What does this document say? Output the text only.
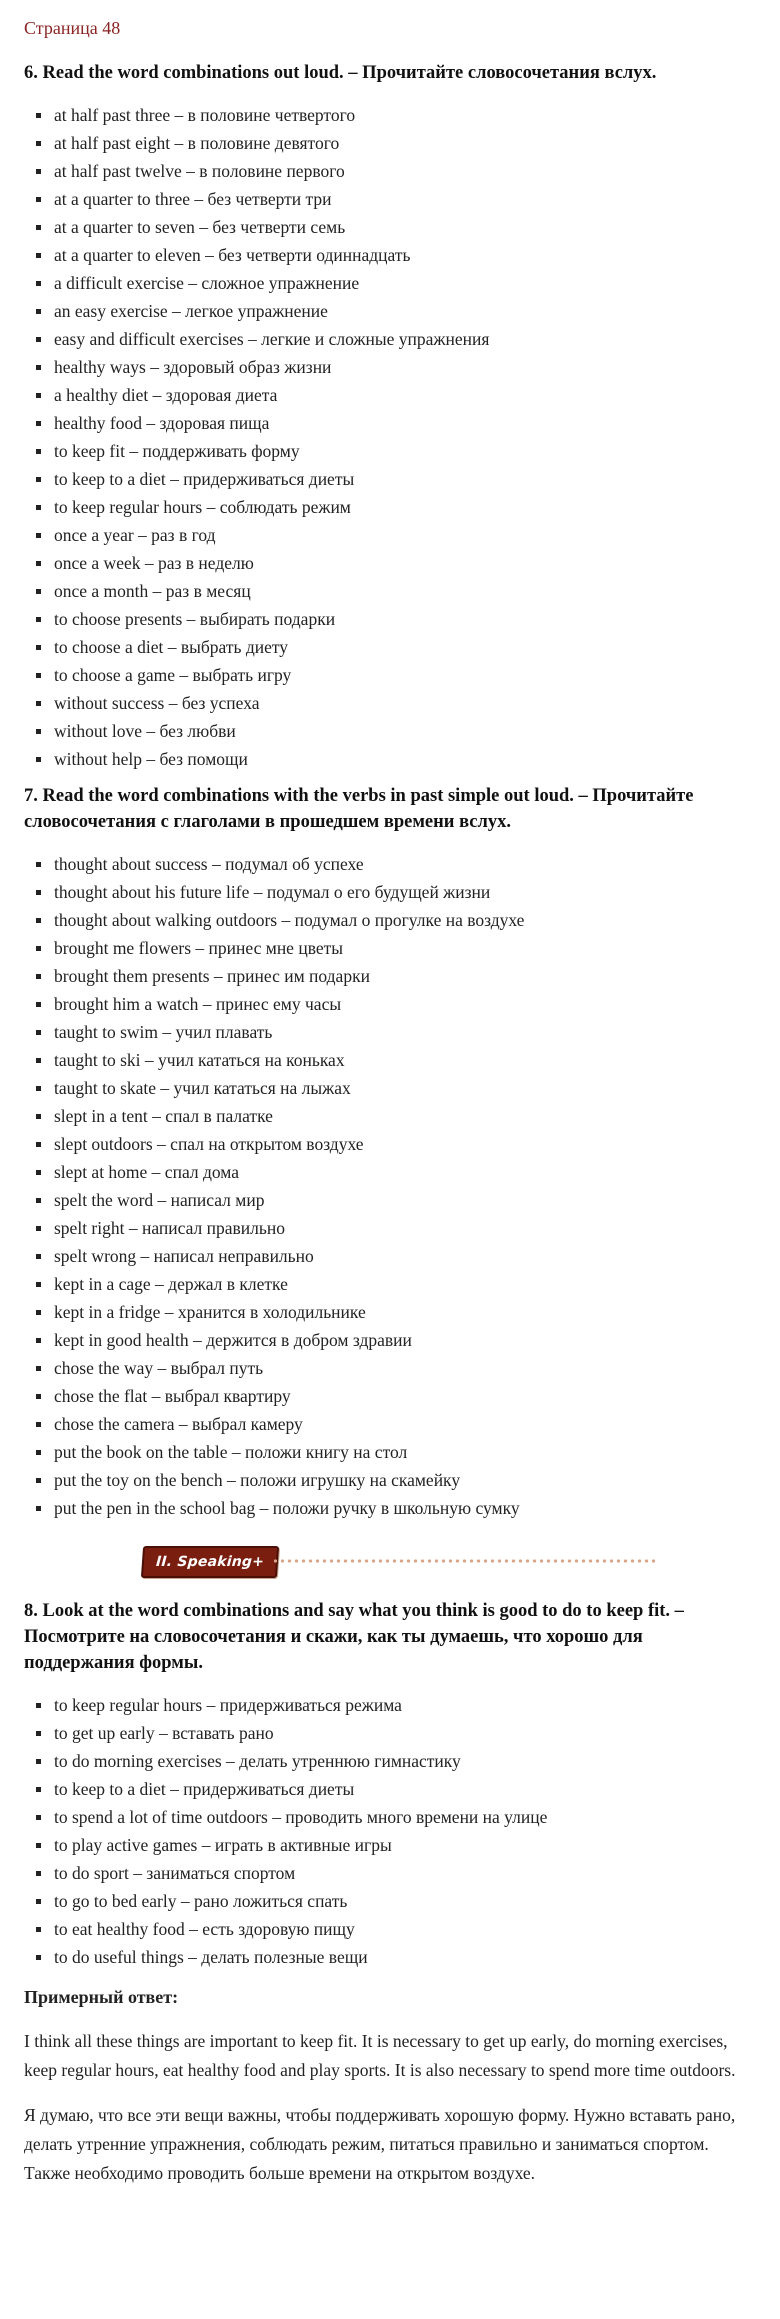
Страница 48
6. Read the word combinations out loud. – Прочитайте словосочетания вслух.
at half past three – в половине четвертого
at half past eight – в половине девятого
at half past twelve – в половине первого
at a quarter to three – без четверти три
at a quarter to seven – без четверти семь
at a quarter to eleven – без четверти одиннадцать
a difficult exercise – сложное упражнение
an easy exercise – легкое упражнение
easy and difficult exercises – легкие и сложные упражнения
healthy ways – здоровый образ жизни
a healthy diet – здоровая диета
healthy food – здоровая пища
to keep fit – поддерживать форму
to keep to a diet – придерживаться диеты
to keep regular hours – соблюдать режим
once a year – раз в год
once a week – раз в неделю
once a month – раз в месяц
to choose presents – выбирать подарки
to choose a diet – выбрать диету
to choose a game – выбрать игру
without success – без успеха
without love – без любви
without help – без помощи
7. Read the word combinations with the verbs in past simple out loud. – Прочитайте словосочетания с глаголами в прошедшем времени вслух.
thought about success – подумал об успехе
thought about his future life – подумал о его будущей жизни
thought about walking outdoors – подумал о прогулке на воздухе
brought me flowers – принес мне цветы
brought them presents – принес им подарки
brought him a watch – принес ему часы
taught to swim – учил плавать
taught to ski – учил кататься на коньках
taught to skate – учил кататься на лыжах
slept in a tent – спал в палатке
slept outdoors – спал на открытом воздухе
slept at home – спал дома
spelt the word – написал мир
spelt right – написал правильно
spelt wrong – написал неправильно
kept in a cage – держал в клетке
kept in a fridge – хранится в холодильнике
kept in good health – держится в добром здравии
chose the way – выбрал путь
chose the flat – выбрал квартиру
chose the camera – выбрал камеру
put the book on the table – положи книгу на стол
put the toy on the bench – положи игрушку на скамейку
put the pen in the school bag – положи ручку в школьную сумку
II. Speaking+
8. Look at the word combinations and say what you think is good to do to keep fit. – Посмотрите на словосочетания и скажи, как ты думаешь, что хорошо для поддержания формы.
to keep regular hours – придерживаться режима
to get up early – вставать рано
to do morning exercises – делать утреннюю гимнастику
to keep to a diet – придерживаться диеты
to spend a lot of time outdoors – проводить много времени на улице
to play active games – играть в активные игры
to do sport – заниматься спортом
to go to bed early – рано ложиться спать
to eat healthy food – есть здоровую пищу
to do useful things – делать полезные вещи
Примерный ответ:

I think all these things are important to keep fit. It is necessary to get up early, do morning exercises, keep regular hours, eat healthy food and play sports. It is also necessary to spend more time outdoors.

Я думаю, что все эти вещи важны, чтобы поддерживать хорошую форму. Нужно вставать рано, делать утренние упражнения, соблюдать режим, питаться правильно и заниматься спортом. Также необходимо проводить больше времени на открытом воздухе.
